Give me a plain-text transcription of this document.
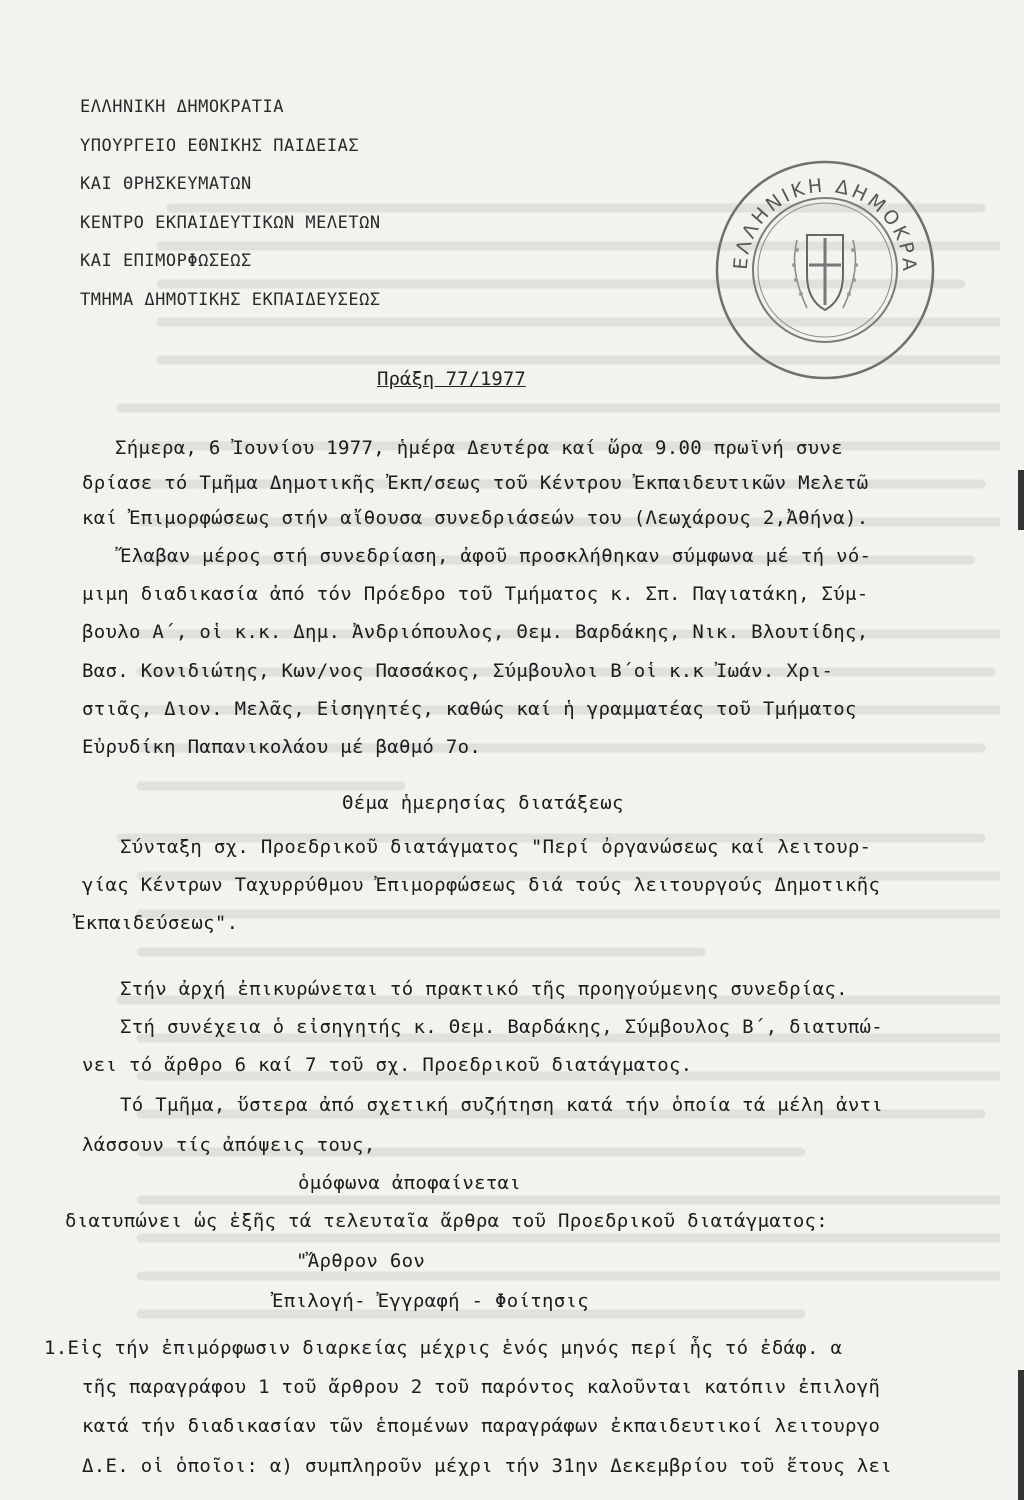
ΕΛΛΗΝΙΚΗ ΔΗΜΟΚΡΑΤΙΑ
ΥΠΟΥΡΓΕΙΟ ΕΘΝΙΚΗΣ ΠΑΙΔΕΙΑΣ
ΚΑΙ ΘΡΗΣΚΕΥΜΑΤΩΝ
ΚΕΝΤΡΟ ΕΚΠΑΙΔΕΥΤΙΚΩΝ ΜΕΛΕΤΩΝ
ΚΑΙ ΕΠΙΜΟΡΦΩΣΕΩΣ
ΤΜΗΜΑ ΔΗΜΟΤΙΚΗΣ ΕΚΠΑΙΔΕΥΣΕΩΣ
ΕΛΛΗΝΙΚΗ ΔΗΜΟΚΡΑ
Πράξη 77/1977
Σήμερα, 6 Ἰουνίου 1977, ἡμέρα Δευτέρα καί ὥρα 9.00 πρωϊνή συνε
δρίασε τό Τμῆμα Δημοτικῆς Ἐκπ/σεως τοῦ Κέντρου Ἐκπαιδευτικῶν Μελετῶ
καί Ἐπιμορφώσεως στήν αἴθουσα συνεδριάσεών του (Λεωχάρους 2,Ἀθήνα).
Ἔλαβαν μέρος στή συνεδρίαση, ἀφοῦ προσκλήθηκαν σύμφωνα μέ τή νό-
μιμη διαδικασία ἀπό τόν Πρόεδρο τοῦ Τμήματος κ. Σπ. Παγιατάκη, Σύμ-
βουλο Α΄, οἱ κ.κ. Δημ. Ἀνδριόπουλος, Θεμ. Βαρδάκης, Νικ. Βλουτίδης,
Βασ. Κονιδιώτης, Κων/νος Πασσάκος, Σύμβουλοι Β΄οἱ κ.κ Ἰωάν. Χρι-
στιᾶς, Διον. Μελᾶς, Εἰσηγητές, καθώς καί ἡ γραμματέας τοῦ Τμήματος
Εὐρυδίκη Παπανικολάου μέ βαθμό 7ο.
Θέμα ἡμερησίας διατάξεως
Σύνταξη σχ. Προεδρικοῦ διατάγματος "Περί ὀργανώσεως καί λειτουρ-
γίας Κέντρων Ταχυρρύθμου Ἐπιμορφώσεως διά τούς λειτουργούς Δημοτικῆς
Ἐκπαιδεύσεως".
Στήν ἀρχή ἐπικυρώνεται τό πρακτικό τῆς προηγούμενης συνεδρίας.
Στή συνέχεια ὁ εἰσηγητής κ. Θεμ. Βαρδάκης, Σύμβουλος Β΄, διατυπώ-
νει τό ἄρθρο 6 καί 7 τοῦ σχ. Προεδρικοῦ διατάγματος.
Τό Τμῆμα, ὕστερα ἀπό σχετική συζήτηση κατά τήν ὁποία τά μέλη ἀντι
λάσσουν τίς ἀπόψεις τους,
ὁμόφωνα ἀποφαίνεται
διατυπώνει ὡς ἑξῆς τά τελευταῖα ἄρθρα τοῦ Προεδρικοῦ διατάγματος:
"Ἄρθρον 6ον
Ἐπιλογή- Ἐγγραφή - Φοίτησις
1.Εἰς τήν ἐπιμόρφωσιν διαρκείας μέχρις ἑνός μηνός περί ἧς τό ἐδάφ. α
τῆς παραγράφου 1 τοῦ ἄρθρου 2 τοῦ παρόντος καλοῦνται κατόπιν ἐπιλογῆ
κατά τήν διαδικασίαν τῶν ἑπομένων παραγράφων ἐκπαιδευτικοί λειτουργο
Δ.Ε. οἱ ὁποῖοι: α) συμπληροῦν μέχρι τήν 31ην Δεκεμβρίου τοῦ ἔτους λει
